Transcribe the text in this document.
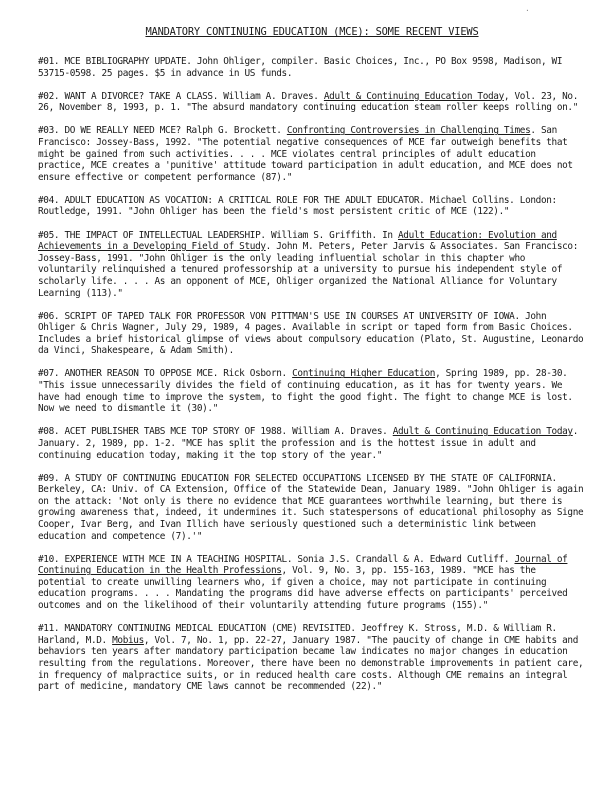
·
MANDATORY CONTINUING EDUCATION (MCE): SOME RECENT VIEWS

#01. MCE BIBLIOGRAPHY UPDATE. John Ohliger, compiler. Basic Choices, Inc., PO Box 9598, Madison, WI 53715-0598. 25 pages. $5 in advance in US funds.

#02. WANT A DIVORCE? TAKE A CLASS. William A. Draves. Adult & Continuing Education Today, Vol. 23, No. 26, November 8, 1993, p. 1. "The absurd mandatory continuing education steam roller keeps rolling on."

#03. DO WE REALLY NEED MCE? Ralph G. Brockett. Confronting Controversies in Challenging Times. San Francisco: Jossey-Bass, 1992. "The potential negative consequences of MCE far outweigh benefits that might be gained from such activities. . . . MCE violates central principles of adult education practice, MCE creates a 'punitive' attitude toward participation in adult education, and MCE does not ensure effective or competent performance (87)."

#04. ADULT EDUCATION AS VOCATION: A CRITICAL ROLE FOR THE ADULT EDUCATOR. Michael Collins. London: Routledge, 1991. "John Ohliger has been the field's most persistent critic of MCE (122)."

#05. THE IMPACT OF INTELLECTUAL LEADERSHIP. William S. Griffith. In Adult Education: Evolution and Achievements in a Developing Field of Study. John M. Peters, Peter Jarvis & Associates. San Francisco: Jossey-Bass, 1991. "John Ohliger is the only leading influential scholar in this chapter who voluntarily relinquished a tenured professorship at a university to pursue his independent style of scholarly life. . . . As an opponent of MCE, Ohliger organized the National Alliance for Voluntary Learning (113)."

#06. SCRIPT OF TAPED TALK FOR PROFESSOR VON PITTMAN'S USE IN COURSES AT UNIVERSITY OF IOWA. John Ohliger & Chris Wagner, July 29, 1989, 4 pages. Available in script or taped form from Basic Choices. Includes a brief historical glimpse of views about compulsory education (Plato, St. Augustine, Leonardo da Vinci, Shakespeare, & Adam Smith).

#07. ANOTHER REASON TO OPPOSE MCE. Rick Osborn. Continuing Higher Education, Spring 1989, pp. 28-30. "This issue unnecessarily divides the field of continuing education, as it has for twenty years. We have had enough time to improve the system, to fight the good fight. The fight to change MCE is lost. Now we need to dismantle it (30)."

#08. ACET PUBLISHER TABS MCE TOP STORY OF 1988. William A. Draves. Adult & Continuing Education Today. January. 2, 1989, pp. 1-2. "MCE has split the profession and is the hottest issue in adult and continuing education today, making it the top story of the year."

#09. A STUDY OF CONTINUING EDUCATION FOR SELECTED OCCUPATIONS LICENSED BY THE STATE OF CALIFORNIA. Berkeley, CA: Univ. of CA Extension, Office of the Statewide Dean, January 1989. "John Ohliger is again on the attack: 'Not only is there no evidence that MCE guarantees worthwhile learning, but there is growing awareness that, indeed, it undermines it. Such statespersons of educational philosophy as Signe Cooper, Ivar Berg, and Ivan Illich have seriously questioned such a deterministic link between education and competence (7).'"

#10. EXPERIENCE WITH MCE IN A TEACHING HOSPITAL. Sonia J.S. Crandall & A. Edward Cutliff. Journal of Continuing Education in the Health Professions, Vol. 9, No. 3, pp. 155-163, 1989. "MCE has the potential to create unwilling learners who, if given a choice, may not participate in continuing education programs. . . . Mandating the programs did have adverse effects on participants' perceived outcomes and on the likelihood of their voluntarily attending future programs (155)."

#11. MANDATORY CONTINUING MEDICAL EDUCATION (CME) REVISITED. Jeoffrey K. Stross, M.D. & William R. Harland, M.D. Mobius, Vol. 7, No. 1, pp. 22-27, January 1987. "The paucity of change in CME habits and behaviors ten years after mandatory participation became law indicates no major changes in education resulting from the regulations. Moreover, there have been no demonstrable improvements in patient care, in frequency of malpractice suits, or in reduced health care costs. Although CME remains an integral part of medicine, mandatory CME laws cannot be recommended (22)."
